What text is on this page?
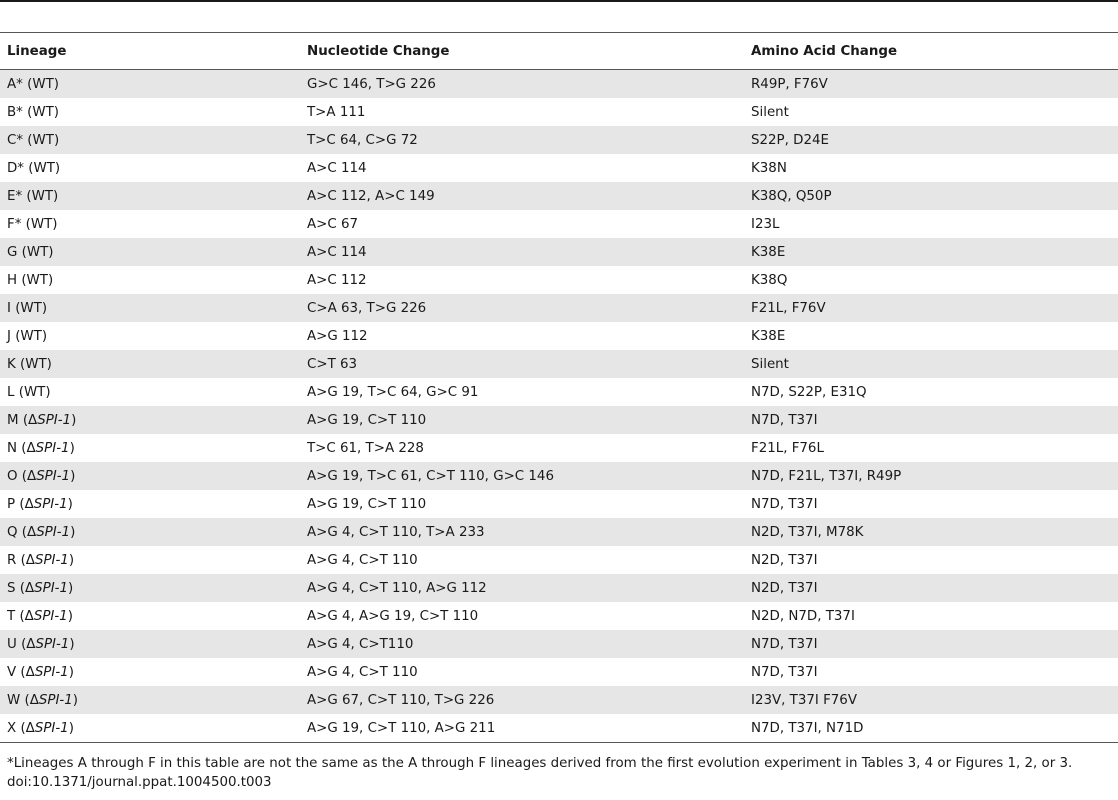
Lineage	Nucleotide Change	Amino Acid Change
A* (WT)	G>C 146, T>G 226	R49P, F76V
B* (WT)	T>A 111	Silent
C* (WT)	T>C 64, C>G 72	S22P, D24E
D* (WT)	A>C 114	K38N
E* (WT)	A>C 112, A>C 149	K38Q, Q50P
F* (WT)	A>C 67	I23L
G (WT)	A>C 114	K38E
H (WT)	A>C 112	K38Q
I (WT)	C>A 63, T>G 226	F21L, F76V
J (WT)	A>G 112	K38E
K (WT)	C>T 63	Silent
L (WT)	A>G 19, T>C 64, G>C 91	N7D, S22P, E31Q
M (ΔSPI-1)	A>G 19, C>T 110	N7D, T37I
N (ΔSPI-1)	T>C 61, T>A 228	F21L, F76L
O (ΔSPI-1)	A>G 19, T>C 61, C>T 110, G>C 146	N7D, F21L, T37I, R49P
P (ΔSPI-1)	A>G 19, C>T 110	N7D, T37I
Q (ΔSPI-1)	A>G 4, C>T 110, T>A 233	N2D, T37I, M78K
R (ΔSPI-1)	A>G 4, C>T 110	N2D, T37I
S (ΔSPI-1)	A>G 4, C>T 110, A>G 112	N2D, T37I
T (ΔSPI-1)	A>G 4, A>G 19, C>T 110	N2D, N7D, T37I
U (ΔSPI-1)	A>G 4, C>T110	N7D, T37I
V (ΔSPI-1)	A>G 4, C>T 110	N7D, T37I
W (ΔSPI-1)	A>G 67, C>T 110, T>G 226	I23V, T37I F76V
X (ΔSPI-1)	A>G 19, C>T 110, A>G 211	N7D, T37I, N71D
*Lineages A through F in this table are not the same as the A through F lineages derived from the first evolution experiment in Tables 3, 4 or Figures 1, 2, or 3.
doi:10.1371/journal.ppat.1004500.t003
